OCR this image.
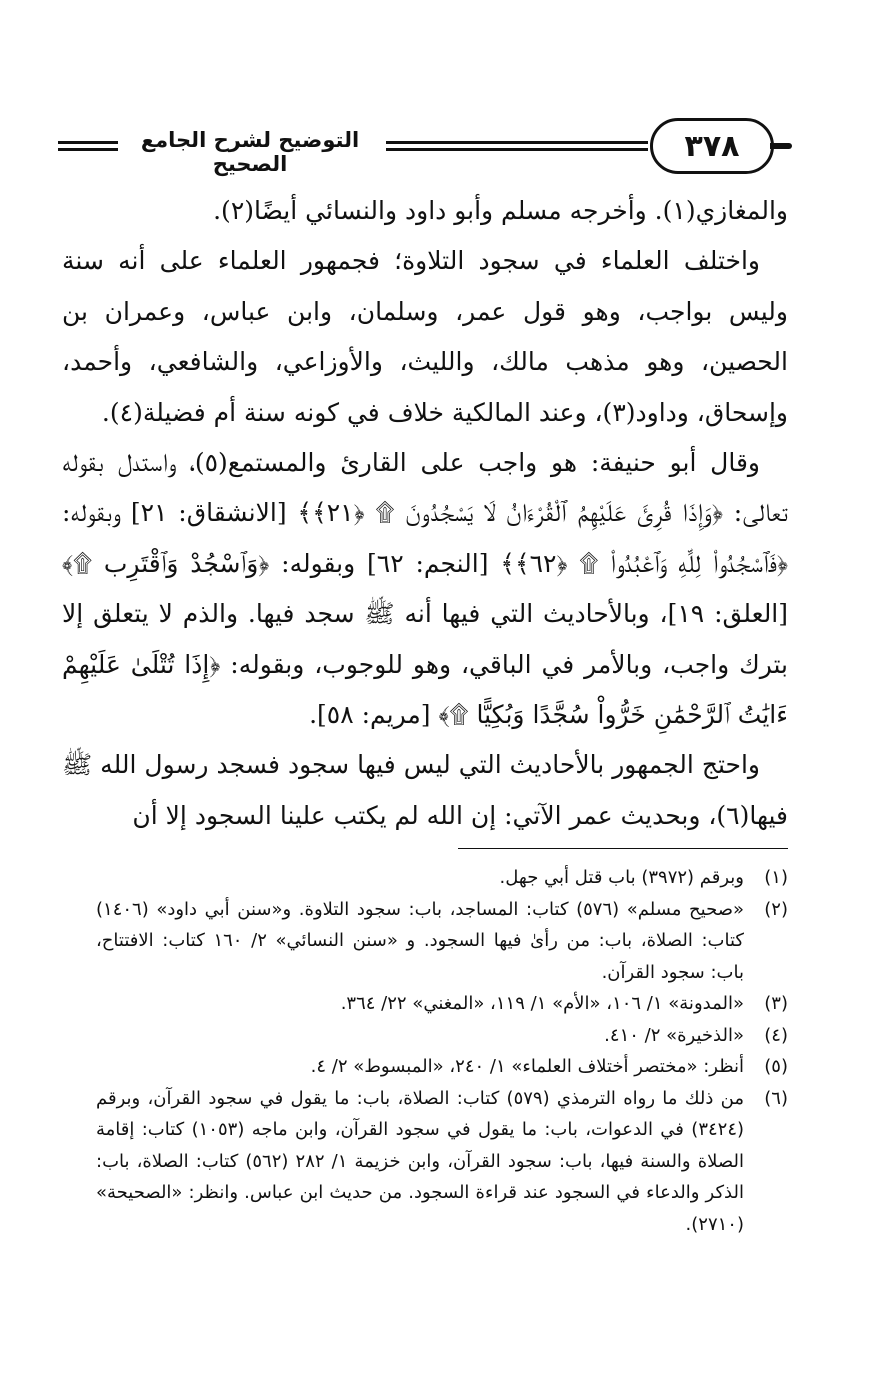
التوضيح لشرح الجامع الصحيح
٣٧٨

والمغازي(١). وأخرجه مسلم وأبو داود والنسائي أيضًا(٢).

واختلف العلماء في سجود التلاوة؛ فجمهور العلماء على أنه سنة وليس بواجب، وهو قول عمر، وسلمان، وابن عباس، وعمران بن الحصين، وهو مذهب مالك، والليث، والأوزاعي، والشافعي، وأحمد، وإسحاق، وداود(٣)، وعند المالكية خلاف في كونه سنة أم فضيلة(٤).

وقال أبو حنيفة: هو واجب على القارئ والمستمع(٥)، واستدل بقوله تعالى: ﴿وَإِذَا قُرِئَ عَلَيْهِمُ ٱلْقُرْءَانُ لَا يَسْجُدُونَ ۩ ﴿٢١﴾﴾ [الانشقاق: ٢١] وبقوله: ﴿فَٱسْجُدُواْ لِلَّهِ وَٱعْبُدُواْ ۩ ﴿٦٢﴾﴾ [النجم: ٦٢] وبقوله: ﴿وَٱسْجُدْ وَٱقْتَرِب ۩﴾ [العلق: ١٩]، وبالأحاديث التي فيها أنه ﷺ سجد فيها. والذم لا يتعلق إلا بترك واجب، وبالأمر في الباقي، وهو للوجوب، وبقوله: ﴿إِذَا تُتْلَىٰ عَلَيْهِمْ ءَايَٰتُ ٱلرَّحْمَٰنِ خَرُّواْ سُجَّدًا وَبُكِيًّا ۩﴾ [مريم: ٥٨].

واحتج الجمهور بالأحاديث التي ليس فيها سجود فسجد رسول الله ﷺ فيها(٦)، وبحديث عمر الآتي: إن الله لم يكتب علينا السجود إلا أن

(١)
وبرقم (٣٩٧٢) باب قتل أبي جهل.
(٢)
«صحيح مسلم» (٥٧٦) كتاب: المساجد، باب: سجود التلاوة. و«سنن أبي داود» (١٤٠٦) كتاب: الصلاة، باب: من رأىٰ فيها السجود. و «سنن النسائي» ٢/ ١٦٠ كتاب: الافتتاح، باب: سجود القرآن.
(٣)
«المدونة» ١/ ١٠٦، «الأم» ١/ ١١٩، «المغني» ٢٢/ ٣٦٤.
(٤)
«الذخيرة» ٢/ ٤١٠.
(٥)
أنظر: «مختصر أختلاف العلماء» ١/ ٢٤٠، «المبسوط» ٢/ ٤.
(٦)
من ذلك ما رواه الترمذي (٥٧٩) كتاب: الصلاة، باب: ما يقول في سجود القرآن، وبرقم (٣٤٢٤) في الدعوات، باب: ما يقول في سجود القرآن، وابن ماجه (١٠٥٣) كتاب: إقامة الصلاة والسنة فيها، باب: سجود القرآن، وابن خزيمة ١/ ٢٨٢ (٥٦٢) كتاب: الصلاة، باب: الذكر والدعاء في السجود عند قراءة السجود. من حديث ابن عباس. وانظر: «الصحيحة» (٢٧١٠).
